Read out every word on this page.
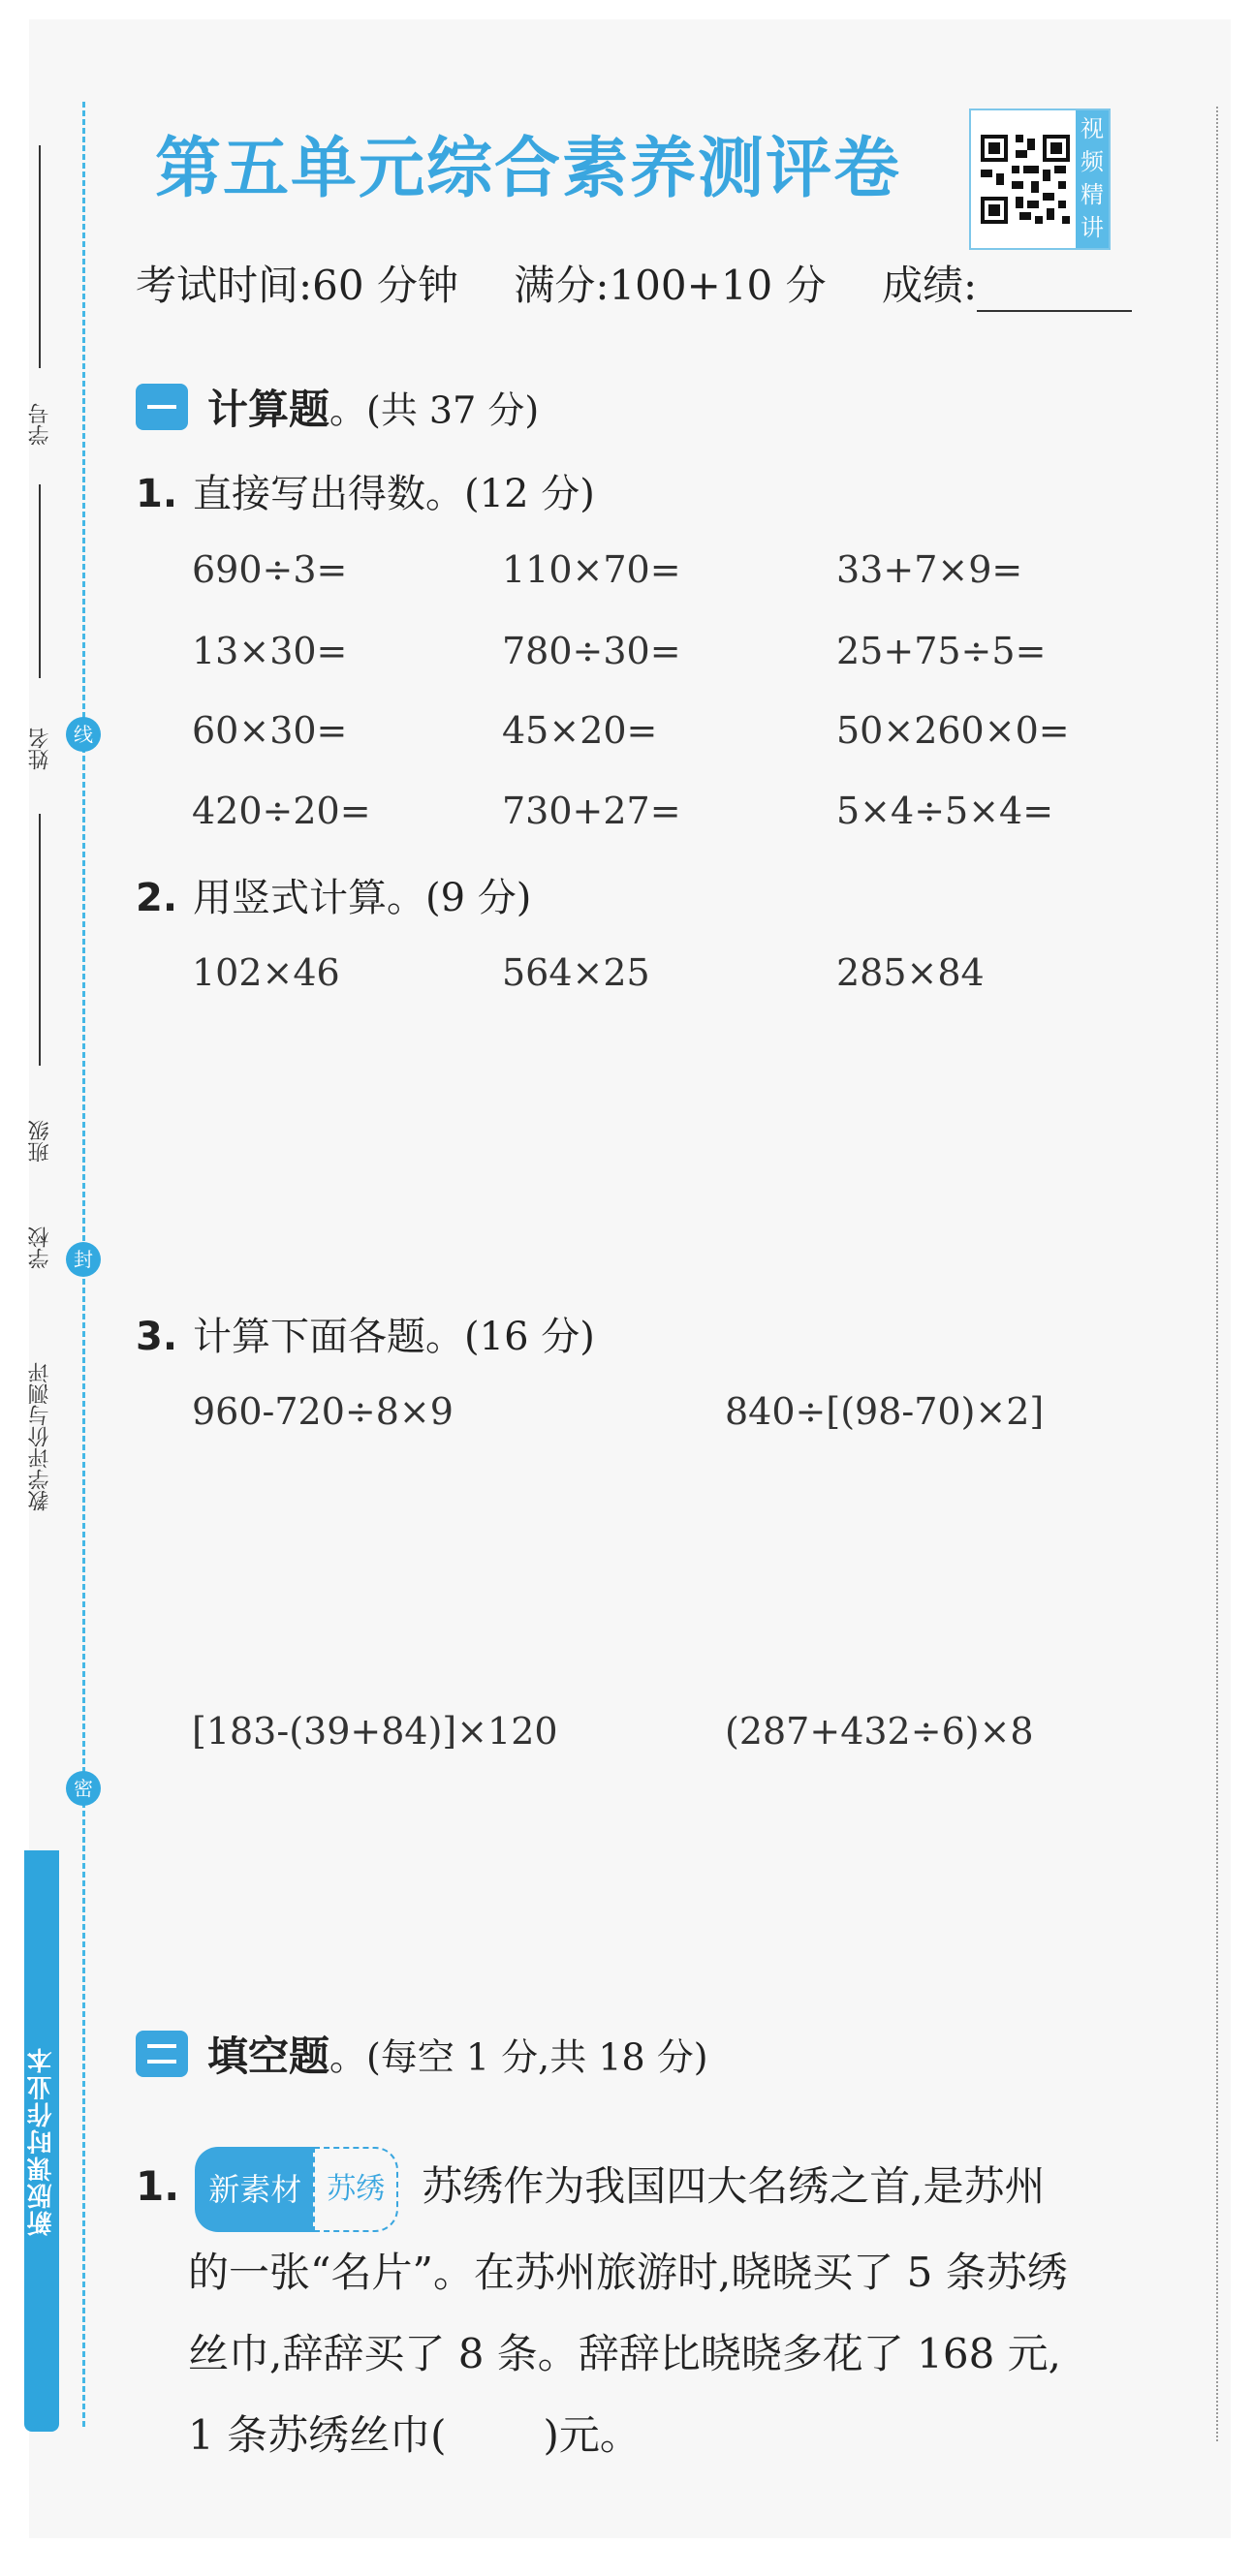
学号
姓名
班级
学校
教学评价与测评
线
封
密
新版课时作业本
第五单元综合素养测评卷
视频精讲
考试时间:60 分钟 满分:100+10 分 成绩:
计算题。(共 37 分)
1. 直接写出得数。(12 分)
690÷3=	110×70=	33+7×9=
13×30=	780÷30=	25+75÷5=
60×30=	45×20=	50×260×0=
420÷20=	730+27=	5×4÷5×4=
2. 用竖式计算。(9 分)
102×46	564×25	285×84
3. 计算下面各题。(16 分)
960-720÷8×9	840÷[(98-70)×2]
[183-(39+84)]×120	(287+432÷6)×8
填空题。(每空 1 分,共 18 分)
1. 新素材 苏绣 苏绣作为我国四大名绣之首,是苏州
的一张“名片”。在苏州旅游时,晓晓买了 5 条苏绣
丝巾,辞辞买了 8 条。辞辞比晓晓多花了 168 元,
1 条苏绣丝巾( )元。
